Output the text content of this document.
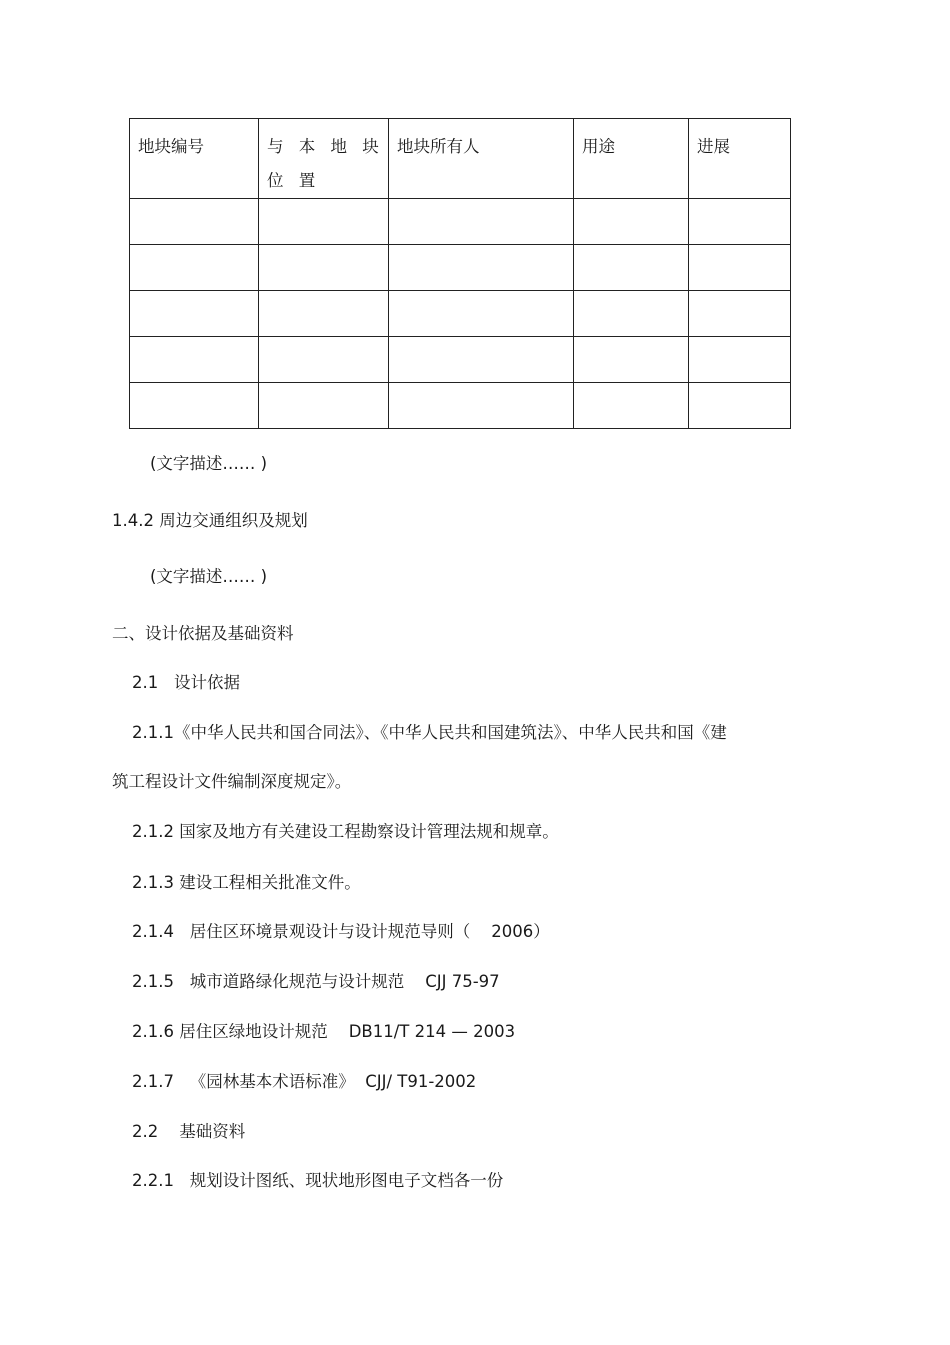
地块编号	与 本 地 块 位 置	地块所有人	用途	进展

(文字描述…… )
1.4.2 周边交通组织及规划
(文字描述…… )
二、设计依据及基础资料
2.1   设计依据
2.1.1《中华人民共和国合同法》、《中华人民共和国建筑法》、中华人民共和国《建
筑工程设计文件编制深度规定》。
2.1.2 国家及地方有关建设工程勘察设计管理法规和规章。
2.1.3 建设工程相关批准文件。
2.1.4   居住区环境景观设计与设计规范导则（    2006）
2.1.5   城市道路绿化规范与设计规范    CJJ 75-97
2.1.6 居住区绿地设计规范    DB11/T 214 — 2003
2.1.7   《园林基本术语标准》  CJJ/ T91-2002
2.2    基础资料
2.2.1   规划设计图纸、现状地形图电子文档各一份
